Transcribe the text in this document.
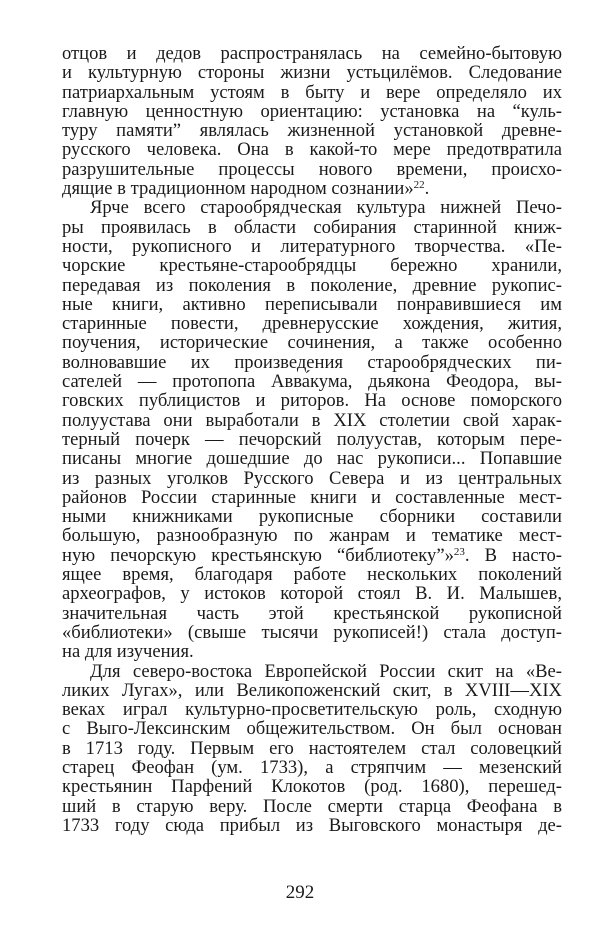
отцов и дедов распространялась на семейно-бытовую
и культурную стороны жизни устьцилёмов. Следование
патриархальным устоям в быту и вере определяло их
главную ценностную ориентацию: установка на “куль-
туру памяти” являлась жизненной установкой древне-
русского человека. Она в какой-то мере предотвратила
разрушительные процессы нового времени, происхо-
дящие в традиционном народном сознании»$^{22}$.
Ярче всего старообрядческая культура нижней Печо-
ры проявилась в области собирания старинной книж-
ности, рукописного и литературного творчества. «Пе-
чорские крестьяне-старообрядцы бережно хранили,
передавая из поколения в поколение, древние рукопис-
ные книги, активно переписывали понравившиеся им
старинные повести, древнерусские хождения, жития,
поучения, исторические сочинения, а также особенно
волновавшие их произведения старообрядческих пи-
сателей — протопопа Авва́кума, дьякона Феодора, вы-
говских публицистов и риторов. На основе поморского
полуустава они выработали в XIX столетии свой харак-
терный почерк — печорский полуустав, которым пере-
писаны многие дошедшие до нас рукописи... Попавшие
из разных уголков Русского Севера и из центральных
районов России старинные книги и составленные мест-
ными книжниками рукописные сборники составили
большую, разнообразную по жанрам и тематике мест-
ную печорскую крестьянскую “библиотеку”»$^{23}$. В насто-
ящее время, благодаря работе нескольких поколений
археографов, у истоков которой стоял В. И. Малышев,
значительная часть этой крестьянской рукописной
«библиотеки» (свыше тысячи рукописей!) стала доступ-
на для изучения.
Для северо-востока Европейской России скит на «Ве-
ликих Лугах», или Великопоженский скит, в XVIII—XIX
веках играл культурно-просветительскую роль, сходную
с Выго-Лексинским общежительством. Он был основан
в 1713 году. Первым его настоятелем стал соловецкий
старец Феофан (ум. 1733), а стряпчим — мезенский
крестьянин Парфений Клокотов (род. 1680), перешед-
ший в старую веру. После смерти старца Феофана в
1733 году сюда прибыл из Выговского монастыря де-
292
